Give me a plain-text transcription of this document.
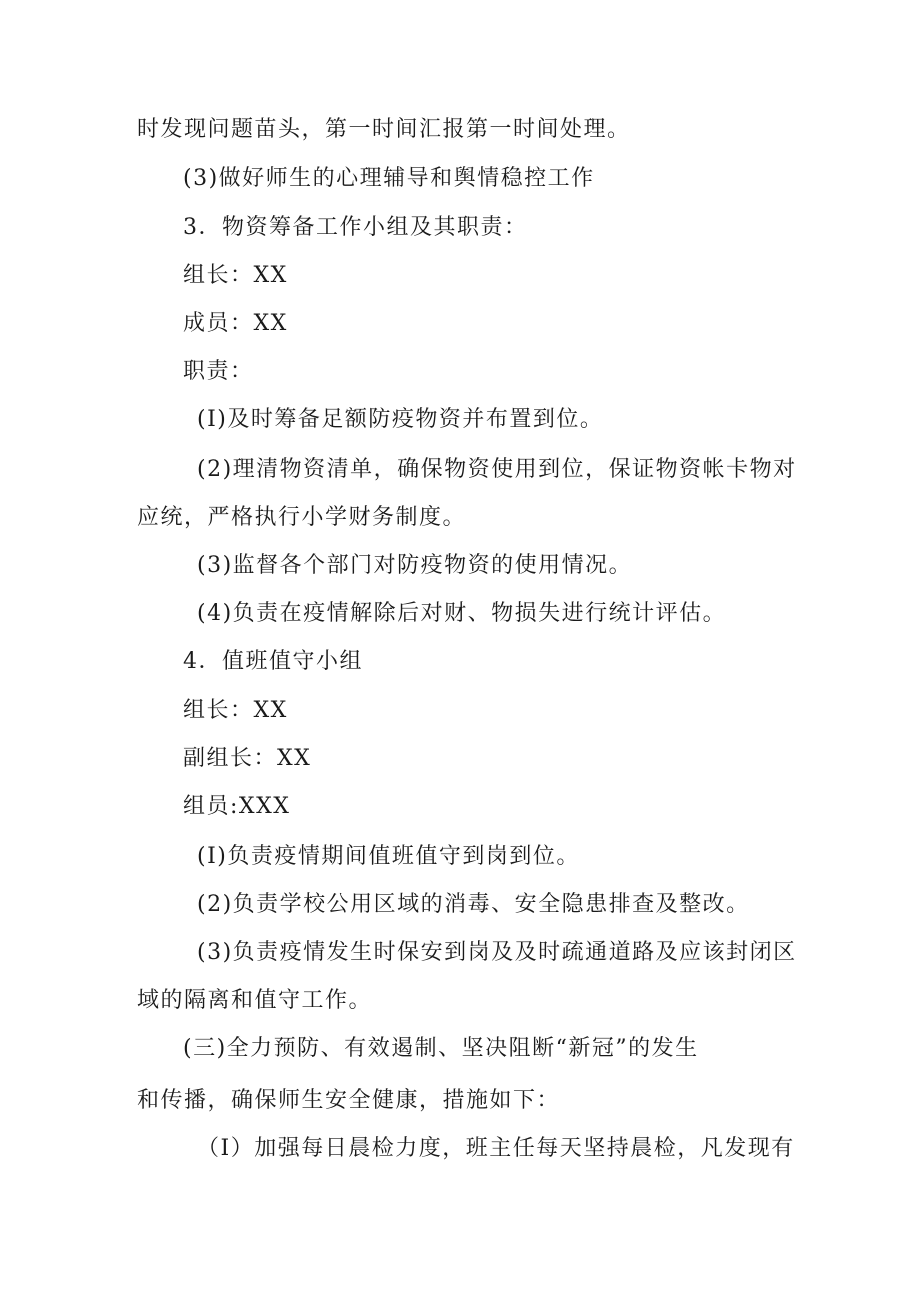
时发现问题苗头，第一时间汇报第一时间处理。
(3)做好师生的心理辅导和舆情稳控工作
3．物资筹备工作小组及其职责：
组长：XX
成员：XX
职责：
(I)及时筹备足额防疫物资并布置到位。
(2)理清物资清单，确保物资使用到位，保证物资帐卡物对
应统，严格执行小学财务制度。
(3)监督各个部门对防疫物资的使用情况。
(4)负责在疫情解除后对财、物损失进行统计评估。
4．值班值守小组
组长：XX
副组长：XX
组员:XXX
(I)负责疫情期间值班值守到岗到位。
(2)负责学校公用区域的消毒、安全隐患排查及整改。
(3)负责疫情发生时保安到岗及及时疏通道路及应该封闭区
域的隔离和值守工作。
(三)全力预防、有效遏制、坚决阻断“新冠”的发生
和传播，确保师生安全健康，措施如下：
（I）加强每日晨检力度，班主任每天坚持晨检，凡发现有
